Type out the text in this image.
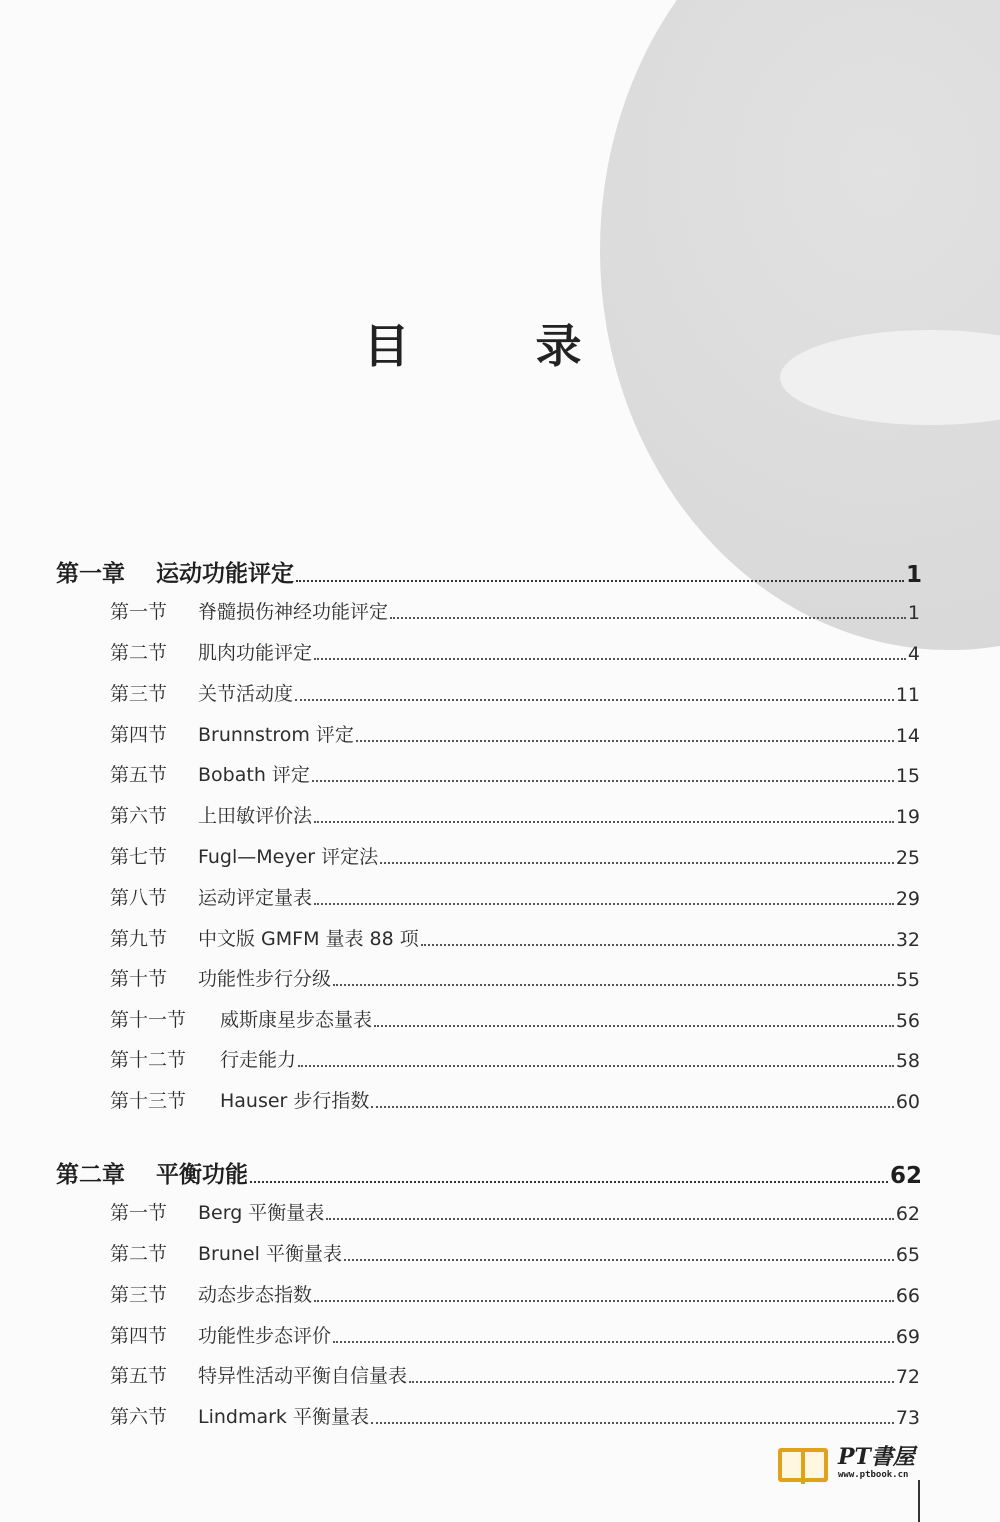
目 录
第一章	运动功能评定	1
第一节	脊髓损伤神经功能评定	1
第二节	肌肉功能评定	4
第三节	关节活动度	11
第四节	Brunnstrom 评定	14
第五节	Bobath 评定	15
第六节	上田敏评价法	19
第七节	Fugl—Meyer 评定法	25
第八节	运动评定量表	29
第九节	中文版 GMFM 量表 88 项	32
第十节	功能性步行分级	55
第十一节	威斯康星步态量表	56
第十二节	行走能力	58
第十三节	Hauser 步行指数	60
第二章	平衡功能	62
第一节	Berg 平衡量表	62
第二节	Brunel 平衡量表	65
第三节	动态步态指数	66
第四节	功能性步态评价	69
第五节	特异性活动平衡自信量表	72
第六节	Lindmark 平衡量表	73
PT書屋
www.ptbook.cn
